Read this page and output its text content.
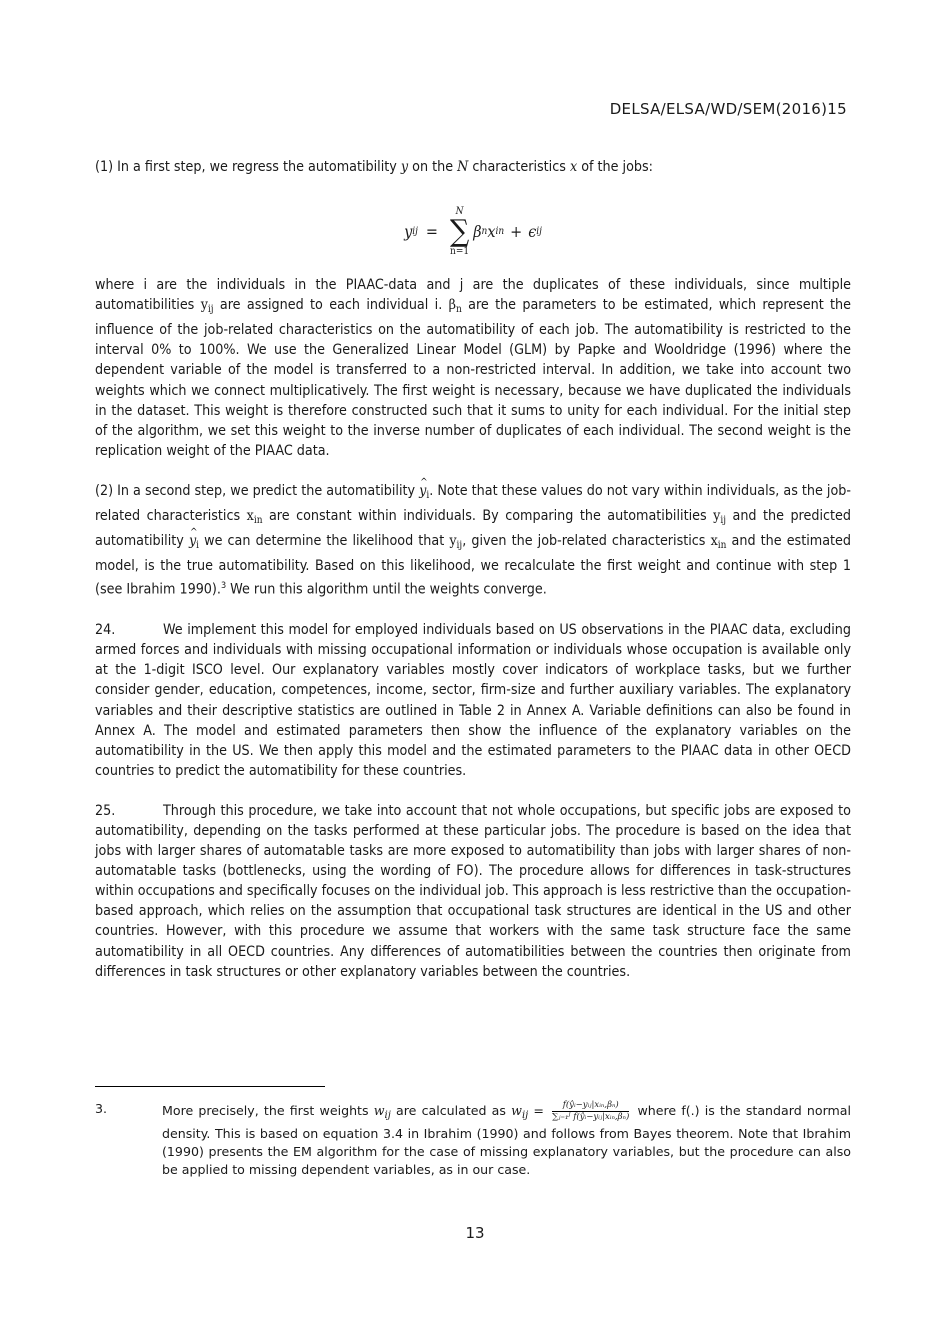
DELSA/ELSA/WD/SEM(2016)15

(1) In a first step, we regress the automatibility y on the N characteristics x of the jobs:

y ij =
N
∑
n=1
β n x in + ϵ ij

where i are the individuals in the PIAAC-data and j are the duplicates of these individuals, since multiple automatibilities $y_{ij}$ are assigned to each individual i. $\beta_n$ are the parameters to be estimated, which represent the influence of the job-related characteristics on the automatibility of each job. The automatibility is restricted to the interval 0% to 100%. We use the Generalized Linear Model (GLM) by Papke and Wooldridge (1996) where the dependent variable of the model is transferred to a non-restricted interval. In addition, we take into account two weights which we connect multiplicatively. The first weight is necessary, because we have duplicated the individuals in the dataset. This weight is therefore constructed such that it sums to unity for each individual. For the initial step of the algorithm, we set this weight to the inverse number of duplicates of each individual. The second weight is the replication weight of the PIAAC data.

(2) In a second step, we predict the automatibility ^ $y_i$. Note that these values do not vary within individuals, as the job-related characteristics $x_{in}$ are constant within individuals. By comparing the automatibilities $y_{ij}$ and the predicted automatibility ^ $y_i$ we can determine the likelihood that $y_{ij}$, given the job-related characteristics $x_{in}$ and the estimated model, is the true automatibility. Based on this likelihood, we recalculate the first weight and continue with step 1 (see Ibrahim 1990).$^3$ We run this algorithm until the weights converge.

24.	We implement this model for employed individuals based on US observations in the PIAAC data, excluding armed forces and individuals with missing occupational information or individuals whose occupation is available only at the 1-digit ISCO level. Our explanatory variables mostly cover indicators of workplace tasks, but we further consider gender, education, competences, income, sector, firm-size and further auxiliary variables. The explanatory variables and their descriptive statistics are outlined in Table 2 in Annex A. Variable definitions can also be found in Annex A. The model and estimated parameters then show the influence of the explanatory variables on the automatibility in the US. We then apply this model and the estimated parameters to the PIAAC data in other OECD countries to predict the automatibility for these countries.

25.	Through this procedure, we take into account that not whole occupations, but specific jobs are exposed to automatibility, depending on the tasks performed at these particular jobs. The procedure is based on the idea that jobs with larger shares of automatable tasks are more exposed to automatibility than jobs with larger shares of non-automatable tasks (bottlenecks, using the wording of FO). The procedure allows for differences in task-structures within occupations and specifically focuses on the individual job. This approach is less restrictive than the occupation-based approach, which relies on the assumption that occupational task structures are identical in the US and other countries. However, with this procedure we assume that workers with the same task structure face the same automatibility in all OECD countries. Any differences of automatibilities between the countries then originate from differences in task structures or other explanatory variables between the countries.

3.	More precisely, the first weights $w_{ij}$ are calculated as $w_{ij} = \frac{\text{f(ŷᵢ−yᵢⱼ|xᵢₙ,βₙ)}}{\text{∑ⱼ₌₁ᴶ f(ŷᵢ−yᵢⱼ|xᵢₙ,βₙ)}}$ where f(.) is the standard normal density. This is based on equation 3.4 in Ibrahim (1990) and follows from Bayes theorem. Note that Ibrahim (1990) presents the EM algorithm for the case of missing explanatory variables, but the procedure can also be applied to missing dependent variables, as in our case.
13
